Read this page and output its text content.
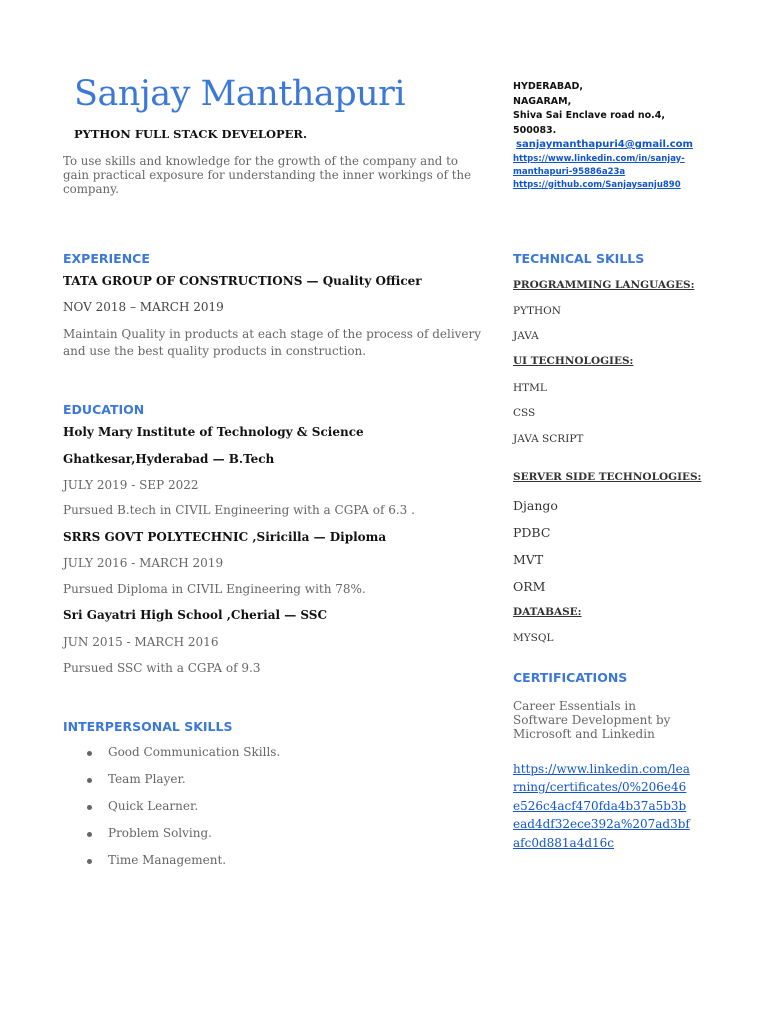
Sanjay Manthapuri
PYTHON FULL STACK DEVELOPER.
To use skills and knowledge for the growth of the company and to gain practical exposure for understanding the inner workings of the company.
HYDERABAD,
NAGARAM,
Shiva Sai Enclave road no.4,
500083.
sanjaymanthapuri4@gmail.com
https://www.linkedin.com/in/sanjay-manthapuri-95886a23a
https://github.com/Sanjaysanju890
EXPERIENCE
TATA GROUP OF CONSTRUCTIONS — Quality Officer
NOV 2018 – MARCH 2019
Maintain Quality in products at each stage of the process of delivery and use the best quality products in construction.
EDUCATION
Holy Mary Institute of Technology & Science
Ghatkesar,Hyderabad — B.Tech
JULY 2019 - SEP 2022
Pursued B.tech in CIVIL Engineering with a CGPA of 6.3 .
SRRS GOVT POLYTECHNIC ,Siricilla — Diploma
JULY 2016 - MARCH 2019
Pursued Diploma in CIVIL Engineering with 78%.
Sri Gayatri High School ,Cherial — SSC
JUN 2015 - MARCH 2016
Pursued SSC with a CGPA of 9.3
INTERPERSONAL SKILLS
Good Communication Skills.
Team Player.
Quick Learner.
Problem Solving.
Time Management.
TECHNICAL SKILLS
PROGRAMMING LANGUAGES:
PYTHON
JAVA
UI TECHNOLOGIES:
HTML
CSS
JAVA SCRIPT
SERVER SIDE TECHNOLOGIES:
Django
PDBC
MVT
ORM
DATABASE:
MYSQL
CERTIFICATIONS
Career Essentials in Software Development by Microsoft and Linkedin
https://www.linkedin.com/learning/certificates/0%206e46e526c4acf470fda4b37a5b3bead4df32ece392a%207ad3bfafc0d881a4d16c
